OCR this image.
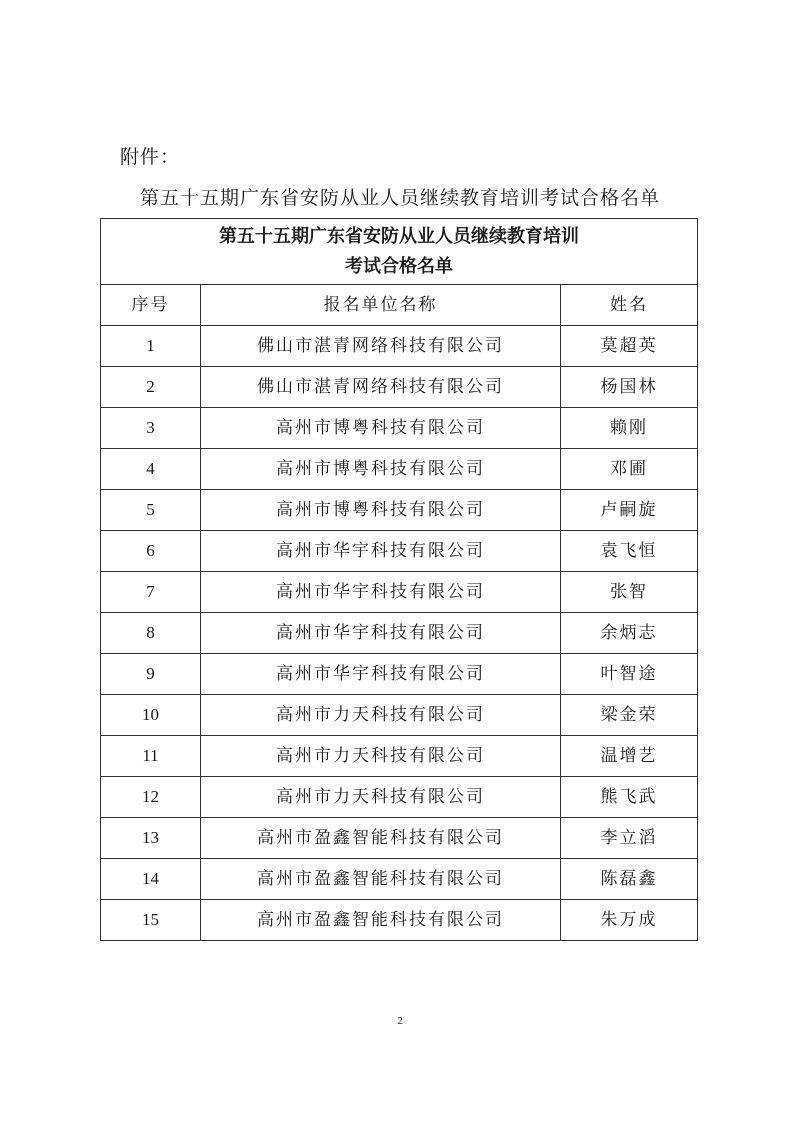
附件：
第五十五期广东省安防从业人员继续教育培训考试合格名单
第五十五期广东省安防从业人员继续教育培训
考试合格名单		

序号	报名单位名称	姓名
1	佛山市湛青网络科技有限公司	莫超英
2	佛山市湛青网络科技有限公司	杨国林
3	高州市博粤科技有限公司	赖刚
4	高州市博粤科技有限公司	邓圃
5	高州市博粤科技有限公司	卢嗣旋
6	高州市华宇科技有限公司	袁飞恒
7	高州市华宇科技有限公司	张智
8	高州市华宇科技有限公司	余炳志
9	高州市华宇科技有限公司	叶智途
10	高州市力天科技有限公司	梁金荣
11	高州市力天科技有限公司	温增艺
12	高州市力天科技有限公司	熊飞武
13	高州市盈鑫智能科技有限公司	李立滔
14	高州市盈鑫智能科技有限公司	陈磊鑫
15	高州市盈鑫智能科技有限公司	朱万成
2
